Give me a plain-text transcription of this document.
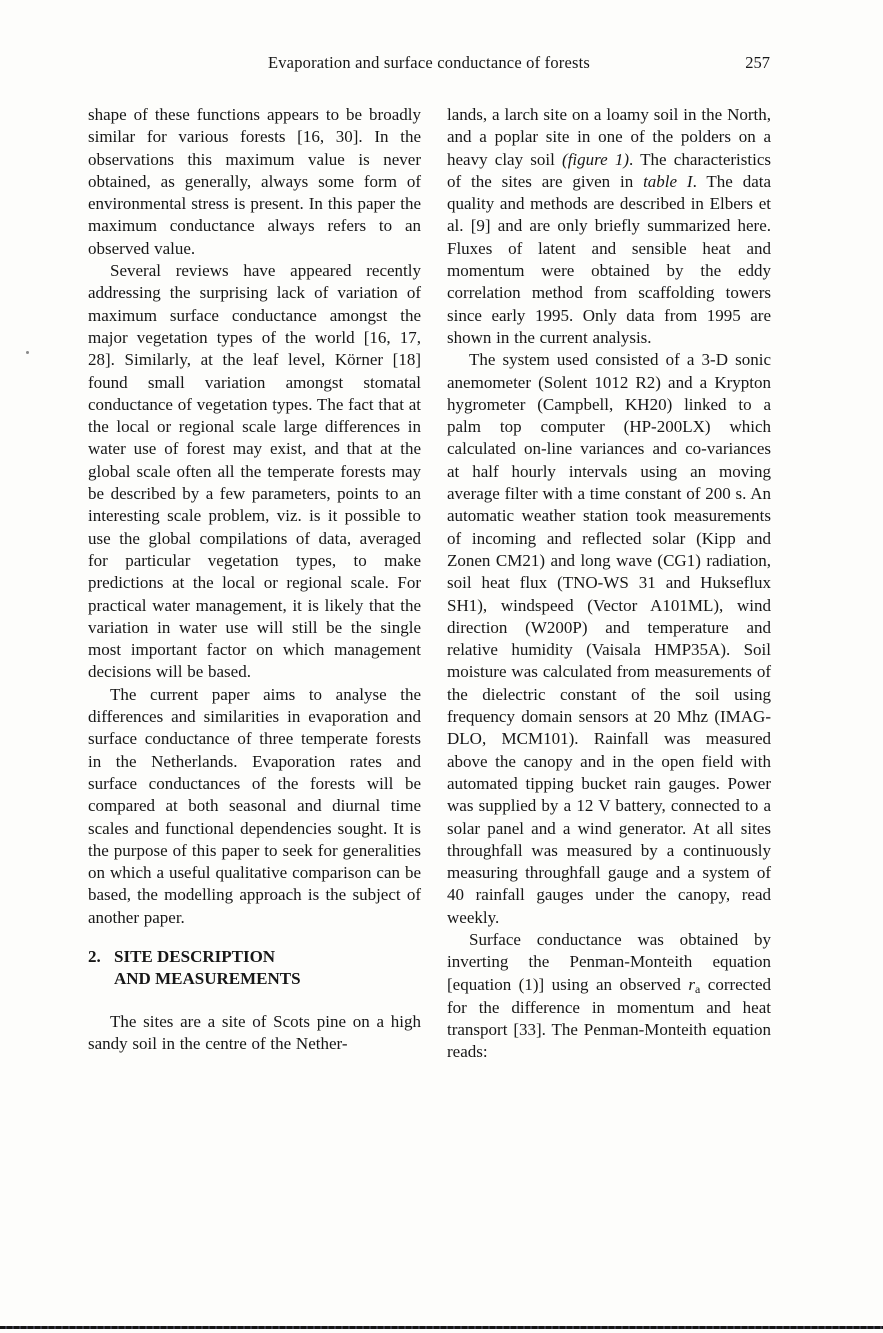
Evaporation and surface conductance of forests	257

shape of these functions appears to be broadly similar for various forests [16, 30]. In the observations this maximum value is never obtained, as generally, always some form of environmental stress is present. In this paper the maximum conductance always refers to an observed value.

Several reviews have appeared recently addressing the surprising lack of variation of maximum surface conductance amongst the major vegetation types of the world [16, 17, 28]. Similarly, at the leaf level, Körner [18] found small variation amongst stomatal conductance of vegetation types. The fact that at the local or regional scale large differences in water use of forest may exist, and that at the global scale often all the temperate forests may be described by a few parameters, points to an interesting scale problem, viz. is it possible to use the global compilations of data, averaged for particular vegetation types, to make predictions at the local or regional scale. For practical water management, it is likely that the variation in water use will still be the single most important factor on which management decisions will be based.

The current paper aims to analyse the differences and similarities in evaporation and surface conductance of three temperate forests in the Netherlands. Evaporation rates and surface conductances of the forests will be compared at both seasonal and diurnal time scales and functional dependencies sought. It is the purpose of this paper to seek for generalities on which a useful qualitative comparison can be based, the modelling approach is the subject of another paper.

2. SITE DESCRIPTION
AND MEASUREMENTS

The sites are a site of Scots pine on a high sandy soil in the centre of the Nether-

lands, a larch site on a loamy soil in the North, and a poplar site in one of the polders on a heavy clay soil (figure 1). The characteristics of the sites are given in table I. The data quality and methods are described in Elbers et al. [9] and are only briefly summarized here. Fluxes of latent and sensible heat and momentum were obtained by the eddy correlation method from scaffolding towers since early 1995. Only data from 1995 are shown in the current analysis.

The system used consisted of a 3-D sonic anemometer (Solent 1012 R2) and a Krypton hygrometer (Campbell, KH20) linked to a palm top computer (HP-200LX) which calculated on-line variances and co-variances at half hourly intervals using an moving average filter with a time constant of 200 s. An automatic weather station took measurements of incoming and reflected solar (Kipp and Zonen CM21) and long wave (CG1) radiation, soil heat flux (TNO-WS 31 and Hukseflux SH1), windspeed (Vector A101ML), wind direction (W200P) and temperature and relative humidity (Vaisala HMP35A). Soil moisture was calculated from measurements of the dielectric constant of the soil using frequency domain sensors at 20 Mhz (IMAG-DLO, MCM101). Rainfall was measured above the canopy and in the open field with automated tipping bucket rain gauges. Power was supplied by a 12 V battery, connected to a solar panel and a wind generator. At all sites throughfall was measured by a continuously measuring throughfall gauge and a system of 40 rainfall gauges under the canopy, read weekly.

Surface conductance was obtained by inverting the Penman-Monteith equation [equation (1)] using an observed ra corrected for the difference in momentum and heat transport [33]. The Penman-Monteith equation reads:
